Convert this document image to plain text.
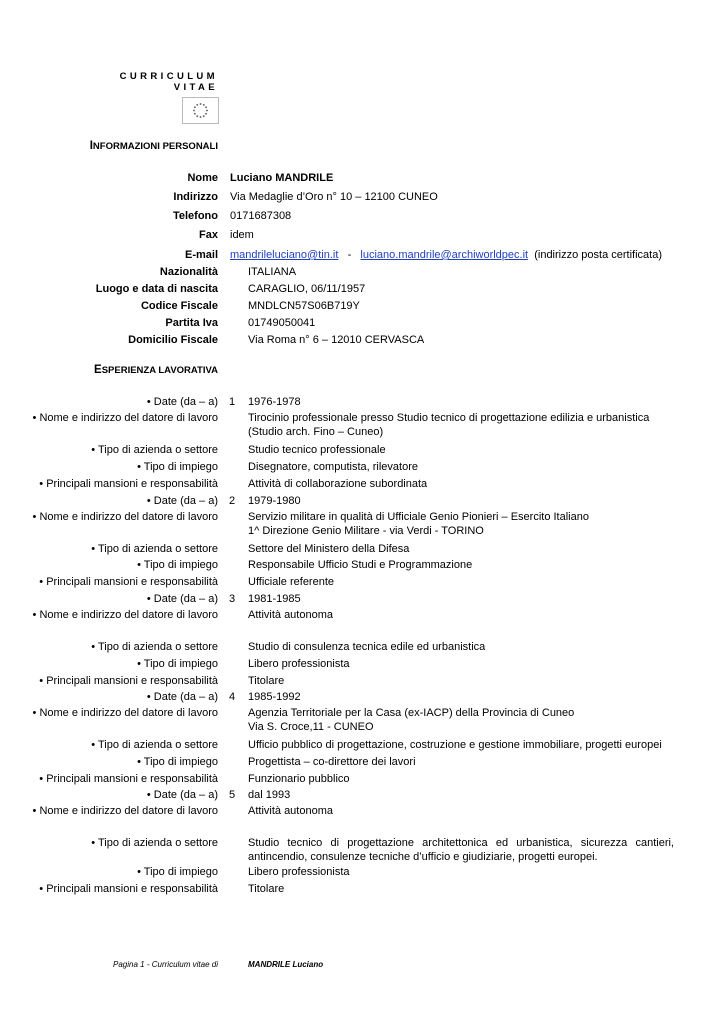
CURRICULUM VITAE
INFORMAZIONI PERSONALI
Nome Luciano MANDRILE
Indirizzo Via Medaglie d’Oro n° 10 – 12100 CUNEO
Telefono 0171687308
Fax idem
E-mail mandrileluciano@tin.it - luciano.mandrile@archiworldpec.it (indirizzo posta certificata)
Nazionalità	ITALIANA
Luogo e data di nascita	CARAGLIO, 06/11/1957
Codice Fiscale	MNDLCN57S06B719Y
Partita Iva	01749050041
Domicilio Fiscale	Via Roma n° 6 – 12010 CERVASCA
ESPERIENZA LAVORATIVA
• Date (da – a) 1 1976-1978
• Nome e indirizzo del datore di lavoro	Tirocinio professionale presso Studio tecnico di progettazione edilizia e urbanistica
(Studio arch. Fino – Cuneo)
• Tipo di azienda o settore	Studio tecnico professionale
• Tipo di impiego	Disegnatore, computista, rilevatore
• Principali mansioni e responsabilità	Attività di collaborazione subordinata
• Date (da – a) 2 1979-1980
• Nome e indirizzo del datore di lavoro	Servizio militare in qualità di Ufficiale Genio Pionieri – Esercito Italiano
1^ Direzione Genio Militare - via Verdi - TORINO
• Tipo di azienda o settore	Settore del Ministero della Difesa
• Tipo di impiego	Responsabile Ufficio Studi e Programmazione
• Principali mansioni e responsabilità	Ufficiale referente
• Date (da – a) 3 1981-1985
• Nome e indirizzo del datore di lavoro	Attività autonoma
• Tipo di azienda o settore	Studio di consulenza tecnica edile ed urbanistica
• Tipo di impiego	Libero professionista
• Principali mansioni e responsabilità	Titolare
• Date (da – a) 4 1985-1992
• Nome e indirizzo del datore di lavoro	Agenzia Territoriale per la Casa (ex-IACP) della Provincia di Cuneo
Via S. Croce,11 - CUNEO
• Tipo di azienda o settore	Ufficio pubblico di progettazione, costruzione e gestione immobiliare, progetti europei
• Tipo di impiego	Progettista – co-direttore dei lavori
• Principali mansioni e responsabilità	Funzionario pubblico
• Date (da – a) 5 dal 1993
• Nome e indirizzo del datore di lavoro	Attività autonoma
• Tipo di azienda o settore	Studio tecnico di progettazione architettonica ed urbanistica, sicurezza cantieri, antincendio, consulenze tecniche d’ufficio e giudiziarie, progetti europei.
• Tipo di impiego	Libero professionista
• Principali mansioni e responsabilità	Titolare
Pagina 1 - Curriculum vitae di	MANDRILE Luciano
